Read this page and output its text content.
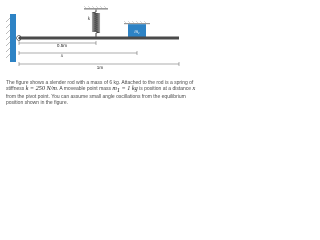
k
$m_1$
0.5m
x
1m

The figure shows a slender rod with a mass of 6 kg. Attached to the rod is a spring of stiffness k = 250 N/m. A moveable point mass $m_1 = 1$ kg is position at a distance x from the pivot point. You can assume small angle oscillations from the equilibrium position shown in the figure.
